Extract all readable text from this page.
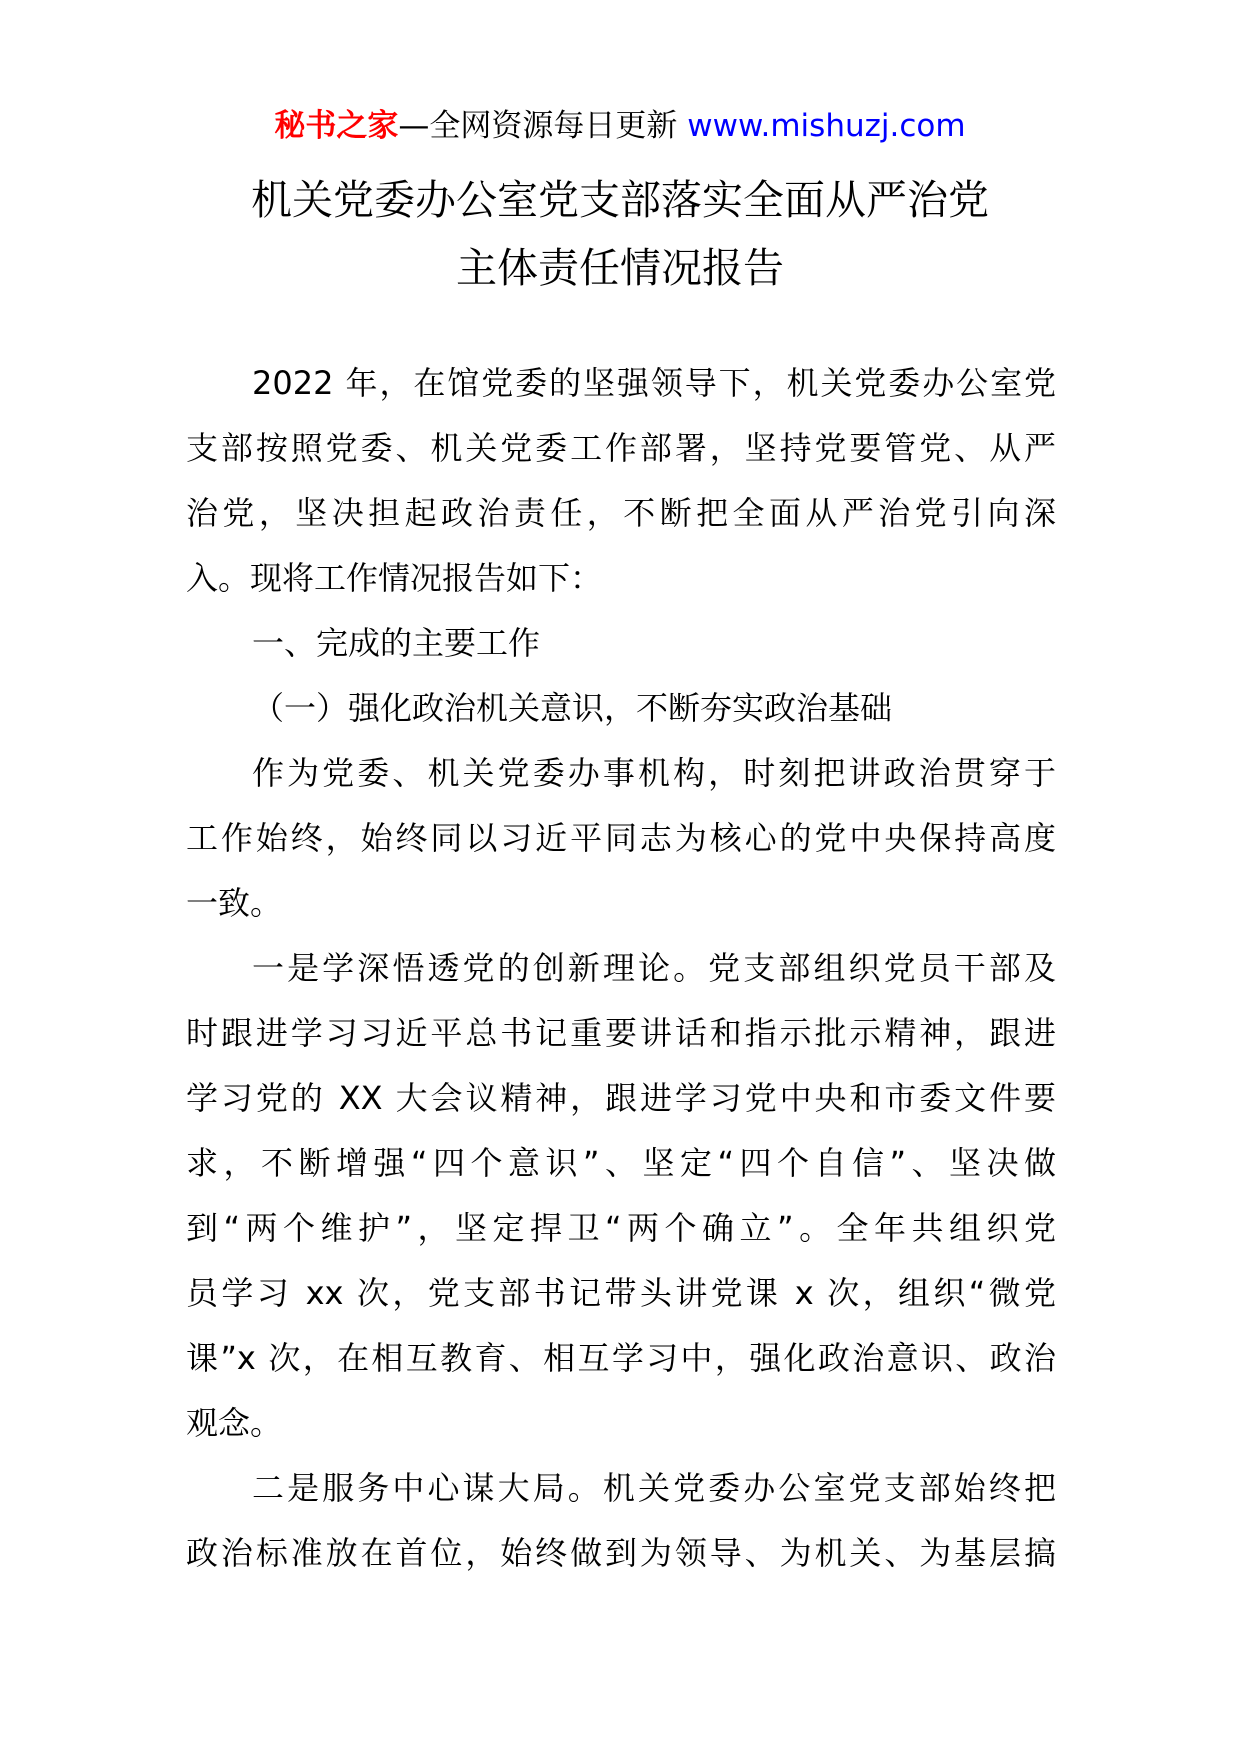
秘书之家—全网资源每日更新 www.mishuzj.com
机关党委办公室党支部落实全面从严治党
主体责任情况报告
2022 年，在馆党委的坚强领导下，机关党委办公室党
支部按照党委、机关党委工作部署，坚持党要管党、从严
治党，坚决担起政治责任，不断把全面从严治党引向深
入。现将工作情况报告如下：
一、完成的主要工作
（一）强化政治机关意识，不断夯实政治基础
作为党委、机关党委办事机构，时刻把讲政治贯穿于
工作始终，始终同以习近平同志为核心的党中央保持高度
一致。
一是学深悟透党的创新理论。党支部组织党员干部及
时跟进学习习近平总书记重要讲话和指示批示精神，跟进
学习党的 XX 大会议精神，跟进学习党中央和市委文件要
求，不断增强“四个意识”、坚定“四个自信”、坚决做
到“两个维护”，坚定捍卫“两个确立”。全年共组织党
员学习 xx 次，党支部书记带头讲党课 x 次，组织“微党
课”x 次，在相互教育、相互学习中，强化政治意识、政治
观念。
二是服务中心谋大局。机关党委办公室党支部始终把
政治标准放在首位，始终做到为领导、为机关、为基层搞
